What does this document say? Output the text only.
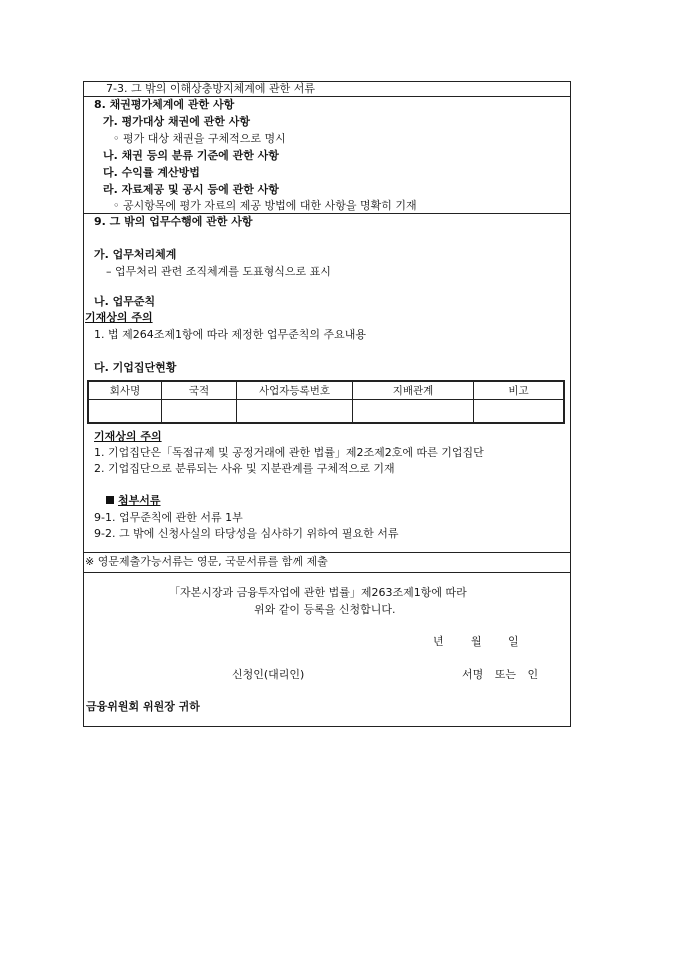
7-3. 그 밖의 이해상충방지체계에 관한 서류
8. 채권평가체계에 관한 사항
가. 평가대상 채권에 관한 사항
◦ 평가 대상 채권을 구체적으로 명시
나. 채권 등의 분류 기준에 관한 사항
다. 수익률 계산방법
라. 자료제공 및 공시 등에 관한 사항
◦ 공시항목에 평가 자료의 제공 방법에 대한 사항을 명확히 기재
9. 그 밖의 업무수행에 관한 사항
가. 업무처리체계
– 업무처리 관련 조직체계를 도표형식으로 표시
나. 업무준칙
기재상의 주의
1. 법 제264조제1항에 따라 제정한 업무준칙의 주요내용
다. 기업집단현황
회사명	국적	사업자등록번호	지배관계	비고

기재상의 주의
1. 기업집단은「독점규제 및 공정거래에 관한 법률」제2조제2호에 따른 기업집단
2. 기업집단으로 분류되는 사유 및 지분관계를 구체적으로 기재
첨부서류
9-1. 업무준칙에 관한 서류 1부
9-2. 그 밖에 신청사실의 타당성을 심사하기 위하여 필요한 서류
※ 영문제출가능서류는 영문, 국문서류를 함께 제출
「자본시장과 금융투자업에 관한 법률」제263조제1항에 따라
위와 같이 등록을 신청합니다.
년 월 일
신청인(대리인)	서명 또는 인
금융위원회 위원장 귀하
